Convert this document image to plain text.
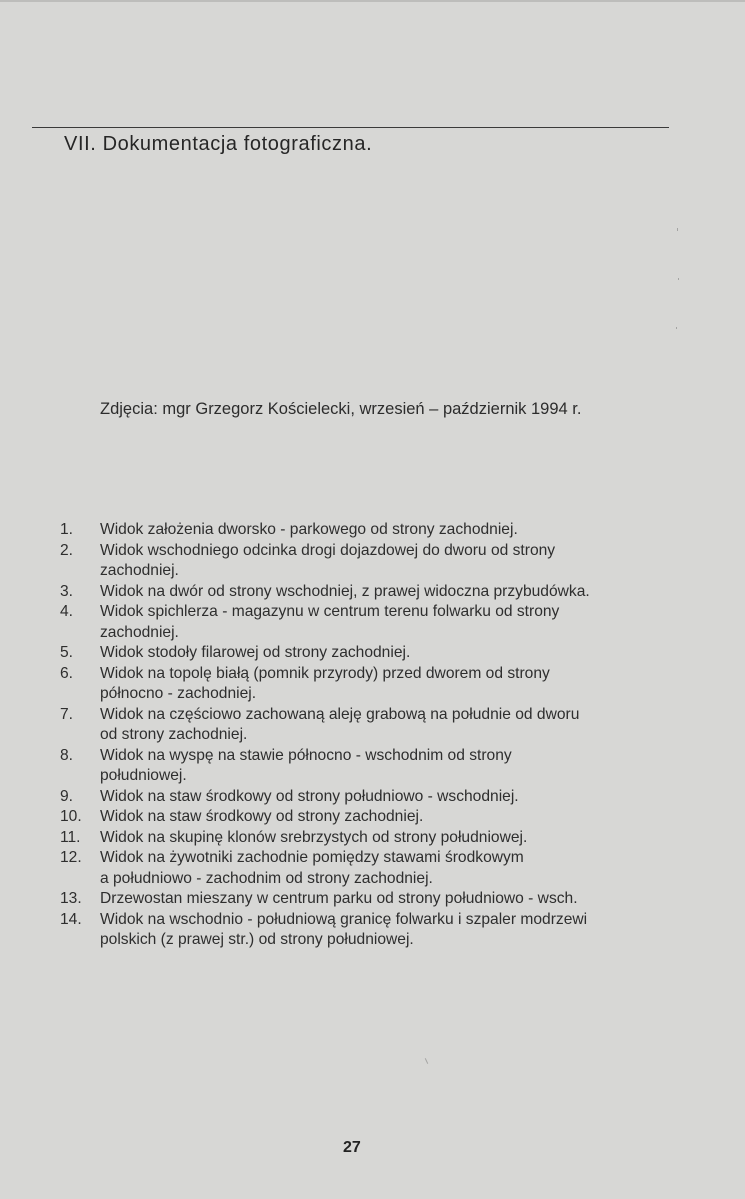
VII. Dokumentacja fotograficzna.
Zdjęcia: mgr Grzegorz Kościelecki, wrzesień – październik 1994 r.
1.	Widok założenia dworsko - parkowego od strony zachodniej.
2.	Widok wschodniego odcinka drogi dojazdowej do dworu od strony
zachodniej.
3.	Widok na dwór od strony wschodniej, z prawej widoczna przybudówka.
4.	Widok spichlerza - magazynu w centrum terenu folwarku od strony
zachodniej.
5.	Widok stodoły filarowej od strony zachodniej.
6.	Widok na topolę białą (pomnik przyrody) przed dworem od strony
północno - zachodniej.
7.	Widok na częściowo zachowaną aleję grabową na południe od dworu
od strony zachodniej.
8.	Widok na wyspę na stawie północno - wschodnim od strony
południowej.
9.	Widok na staw środkowy od strony południowo - wschodniej.
10.	Widok na staw środkowy od strony zachodniej.
11.	Widok na skupinę klonów srebrzystych od strony południowej.
12.	Widok na żywotniki zachodnie pomiędzy stawami środkowym
a południowo - zachodnim od strony zachodniej.
13.	Drzewostan mieszany w centrum parku od strony południowo - wsch.
14.	Widok na wschodnio - południową granicę folwarku i szpaler modrzewi
polskich (z prawej str.) od strony południowej.
27
